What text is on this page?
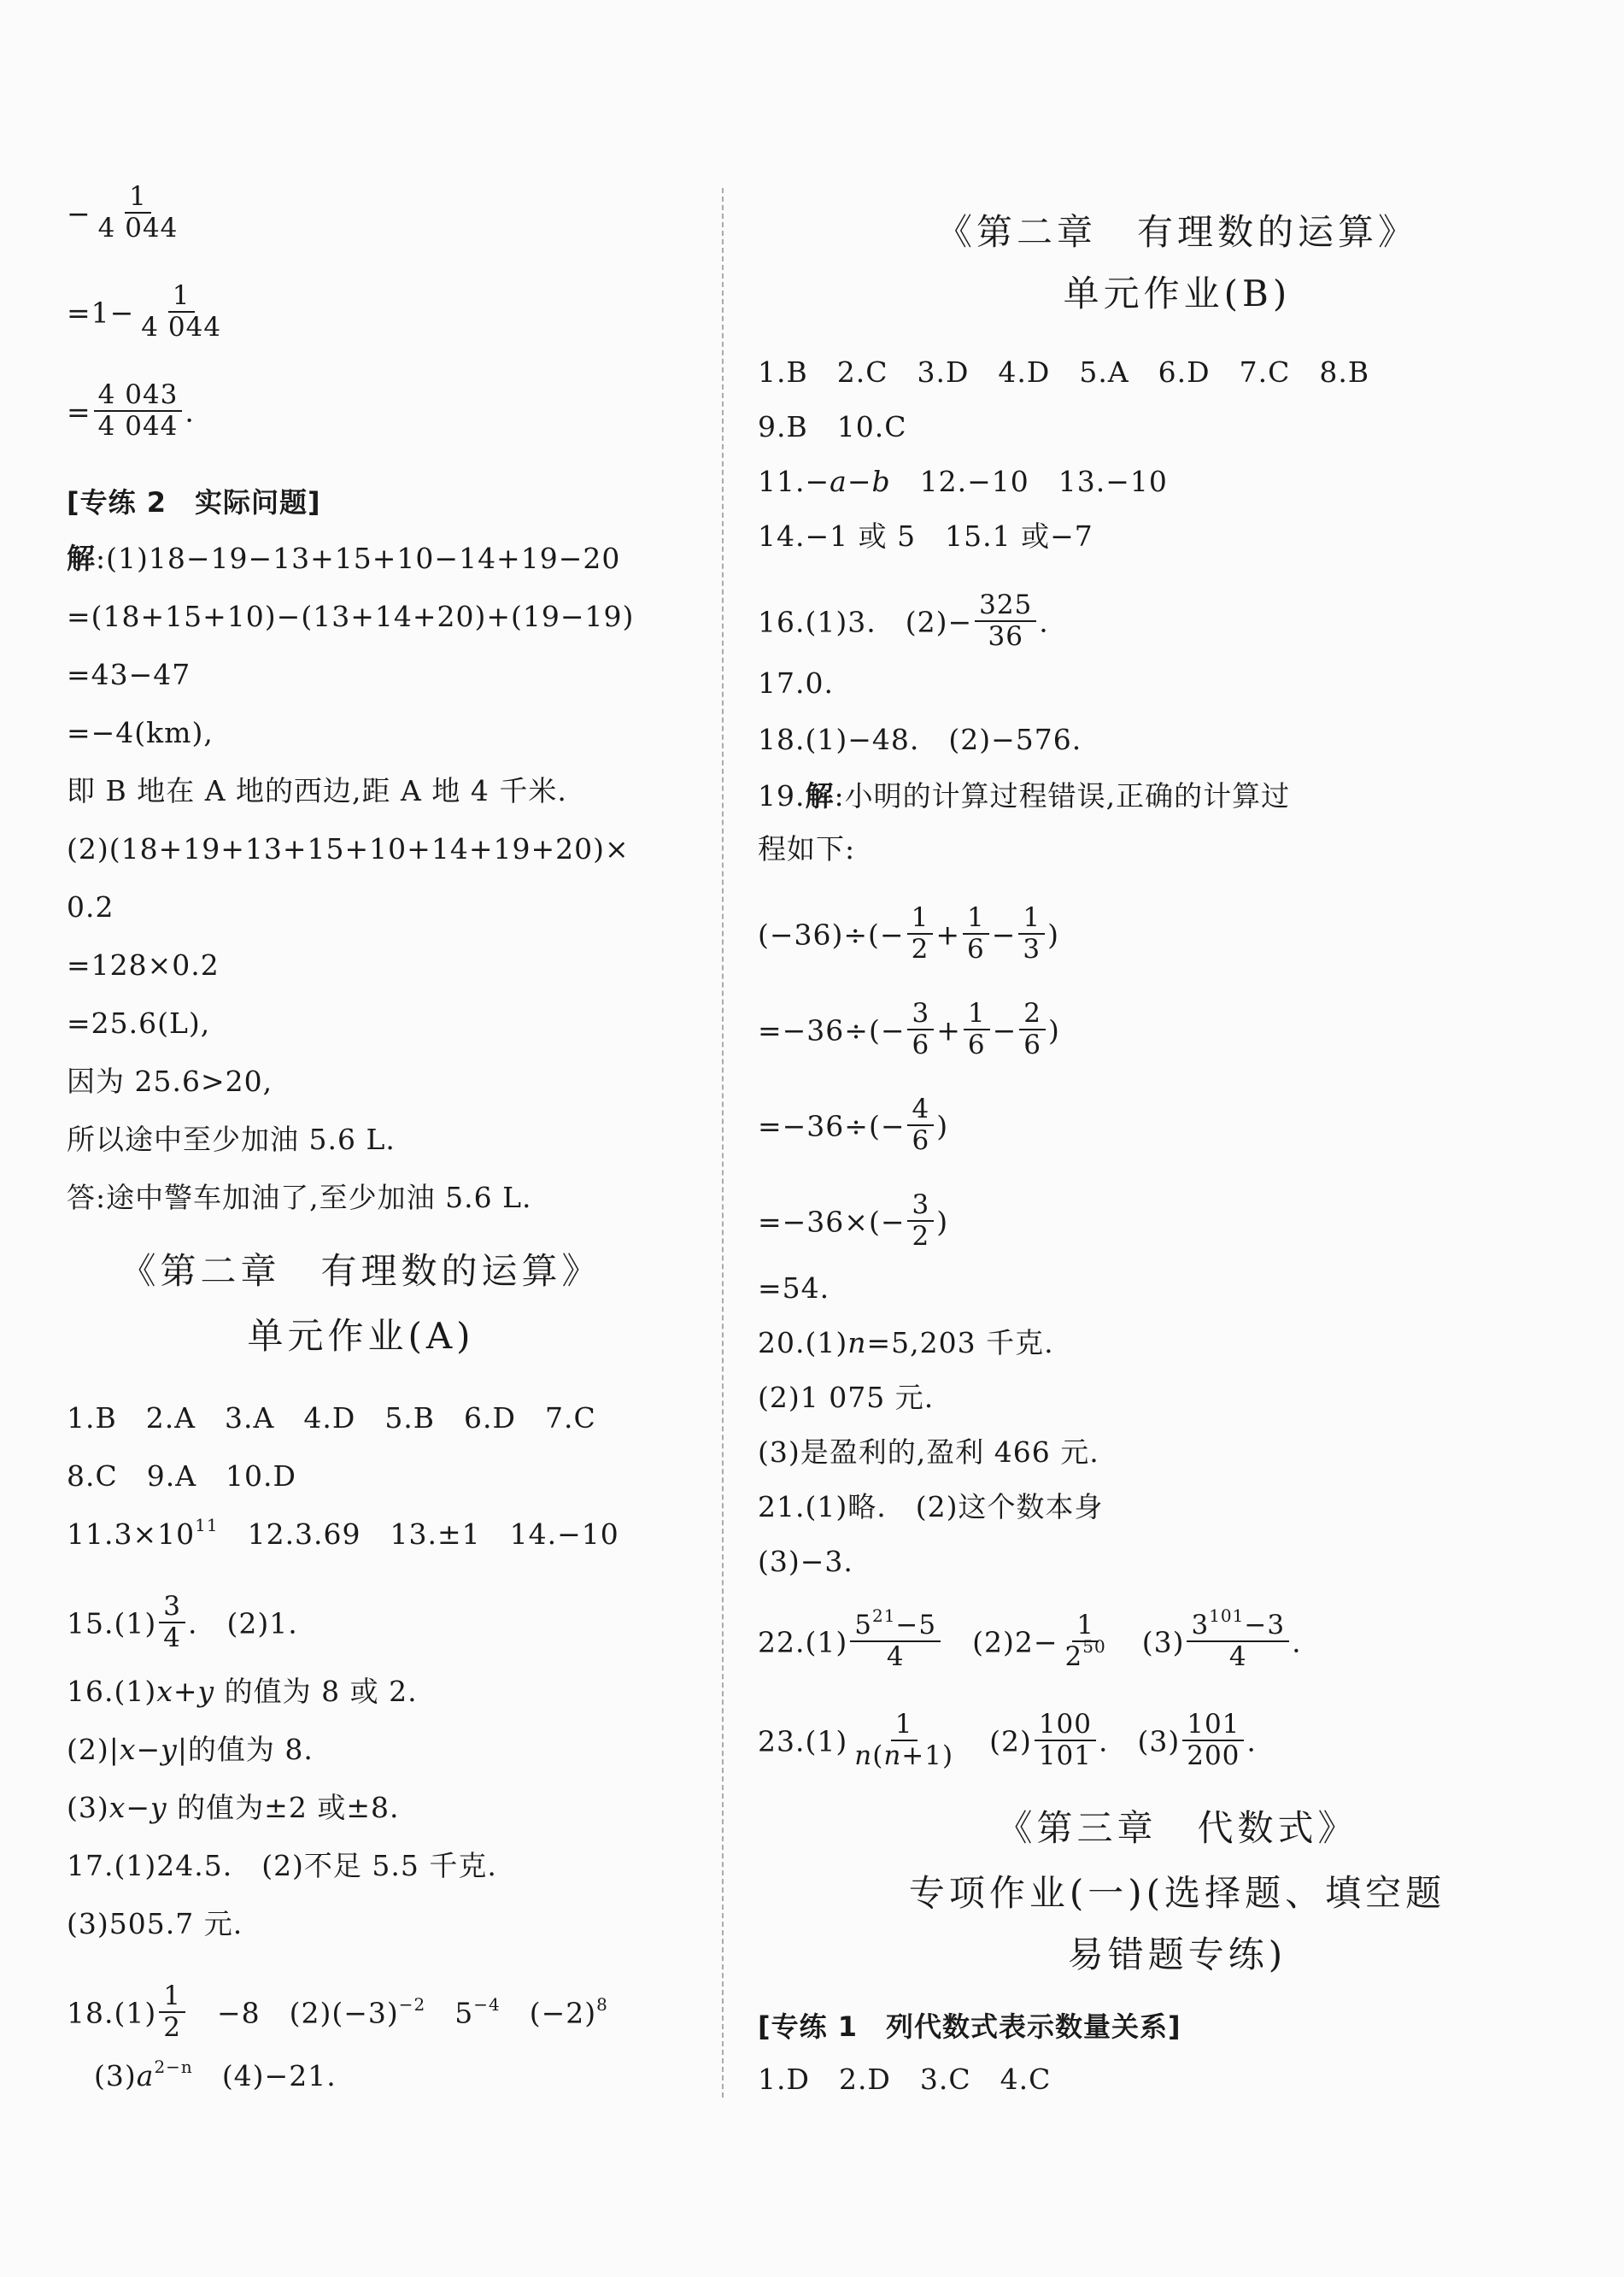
− $\frac{1}{4 044}$
$=1- \frac{1}{4 044}$
= $\frac{4 043}{4 044}$ .
[专练 2　实际问题]
解:(1)18−19−13+15+10−14+19−20
=(18+15+10)−(13+14+20)+(19−19)
=43−47
=−4(km),
即 B 地在 A 地的西边,距 A 地 4 千米.
(2)(18+19+13+15+10+14+19+20)×
0.2
=128×0.2
=25.6(L),
因为 25.6>20,
所以途中至少加油 5.6 L.
答:途中警车加油了,至少加油 5.6 L.
《第二章　有理数的运算》
单元作业(A)
1.B　2.A　3.A　4.D　5.B　6.D　7.C
8.C　9.A　10.D
$11.3\times 10^{11}$　12.3.69　13.±1　14.−10
$15.(1) \frac{3}{4}$ .　(2)1.
16.(1)x+y 的值为 8 或 2.
(2)|x−y|的值为 8.
(3)x−y 的值为±2 或±8.
17.(1)24.5.　(2)不足 5.5 千克.
(3)505.7 元.
$18.(1) \frac{1}{2}$ 　−8　$(2)(-3)^{-2}$　$5^{-4}$　$(-2)^8$
$(3)a^{2-n}$　(4)−21.
《第二章　有理数的运算》
单元作业(B)
1.B　2.C　3.D　4.D　5.A　6.D　7.C　8.B
9.B　10.C
11.−a−b　12.−10　13.−10
14.−1 或 5　15.1 或−7
16.(1)3.　$(2)- \frac{325}{36}$ .
17.0.
18.(1)−48.　(2)−576.
19.解:小明的计算过程错误,正确的计算过
程如下:
$(-36)\div(- \frac{1}{2} + \frac{1}{6} - \frac{1}{3}$ )
$=-36\div(- \frac{3}{6} + \frac{1}{6} - \frac{2}{6}$ )
$=-36\div(- \frac{4}{6}$ )
$=-36\times(- \frac{3}{2}$ )
=54.
20.(1)n=5,203 千克.
(2)1 075 元.
(3)是盈利的,盈利 466 元.
21.(1)略.　(2)这个数本身
(3)−3.
$22.(1) \frac{5^{21}-5}{4}$ 　$(2)2- \frac{1}{2^{50}}$ 　$(3) \frac{3^{101}-3}{4}$ .
$23.(1) \frac{1}{n(n+1)}$ 　$(2) \frac{100}{101}$ .　$(3) \frac{101}{200}$ .
《第三章　代数式》
专项作业(一)(选择题、填空题
易错题专练)
[专练 1　列代数式表示数量关系]
1.D　2.D　3.C　4.C
